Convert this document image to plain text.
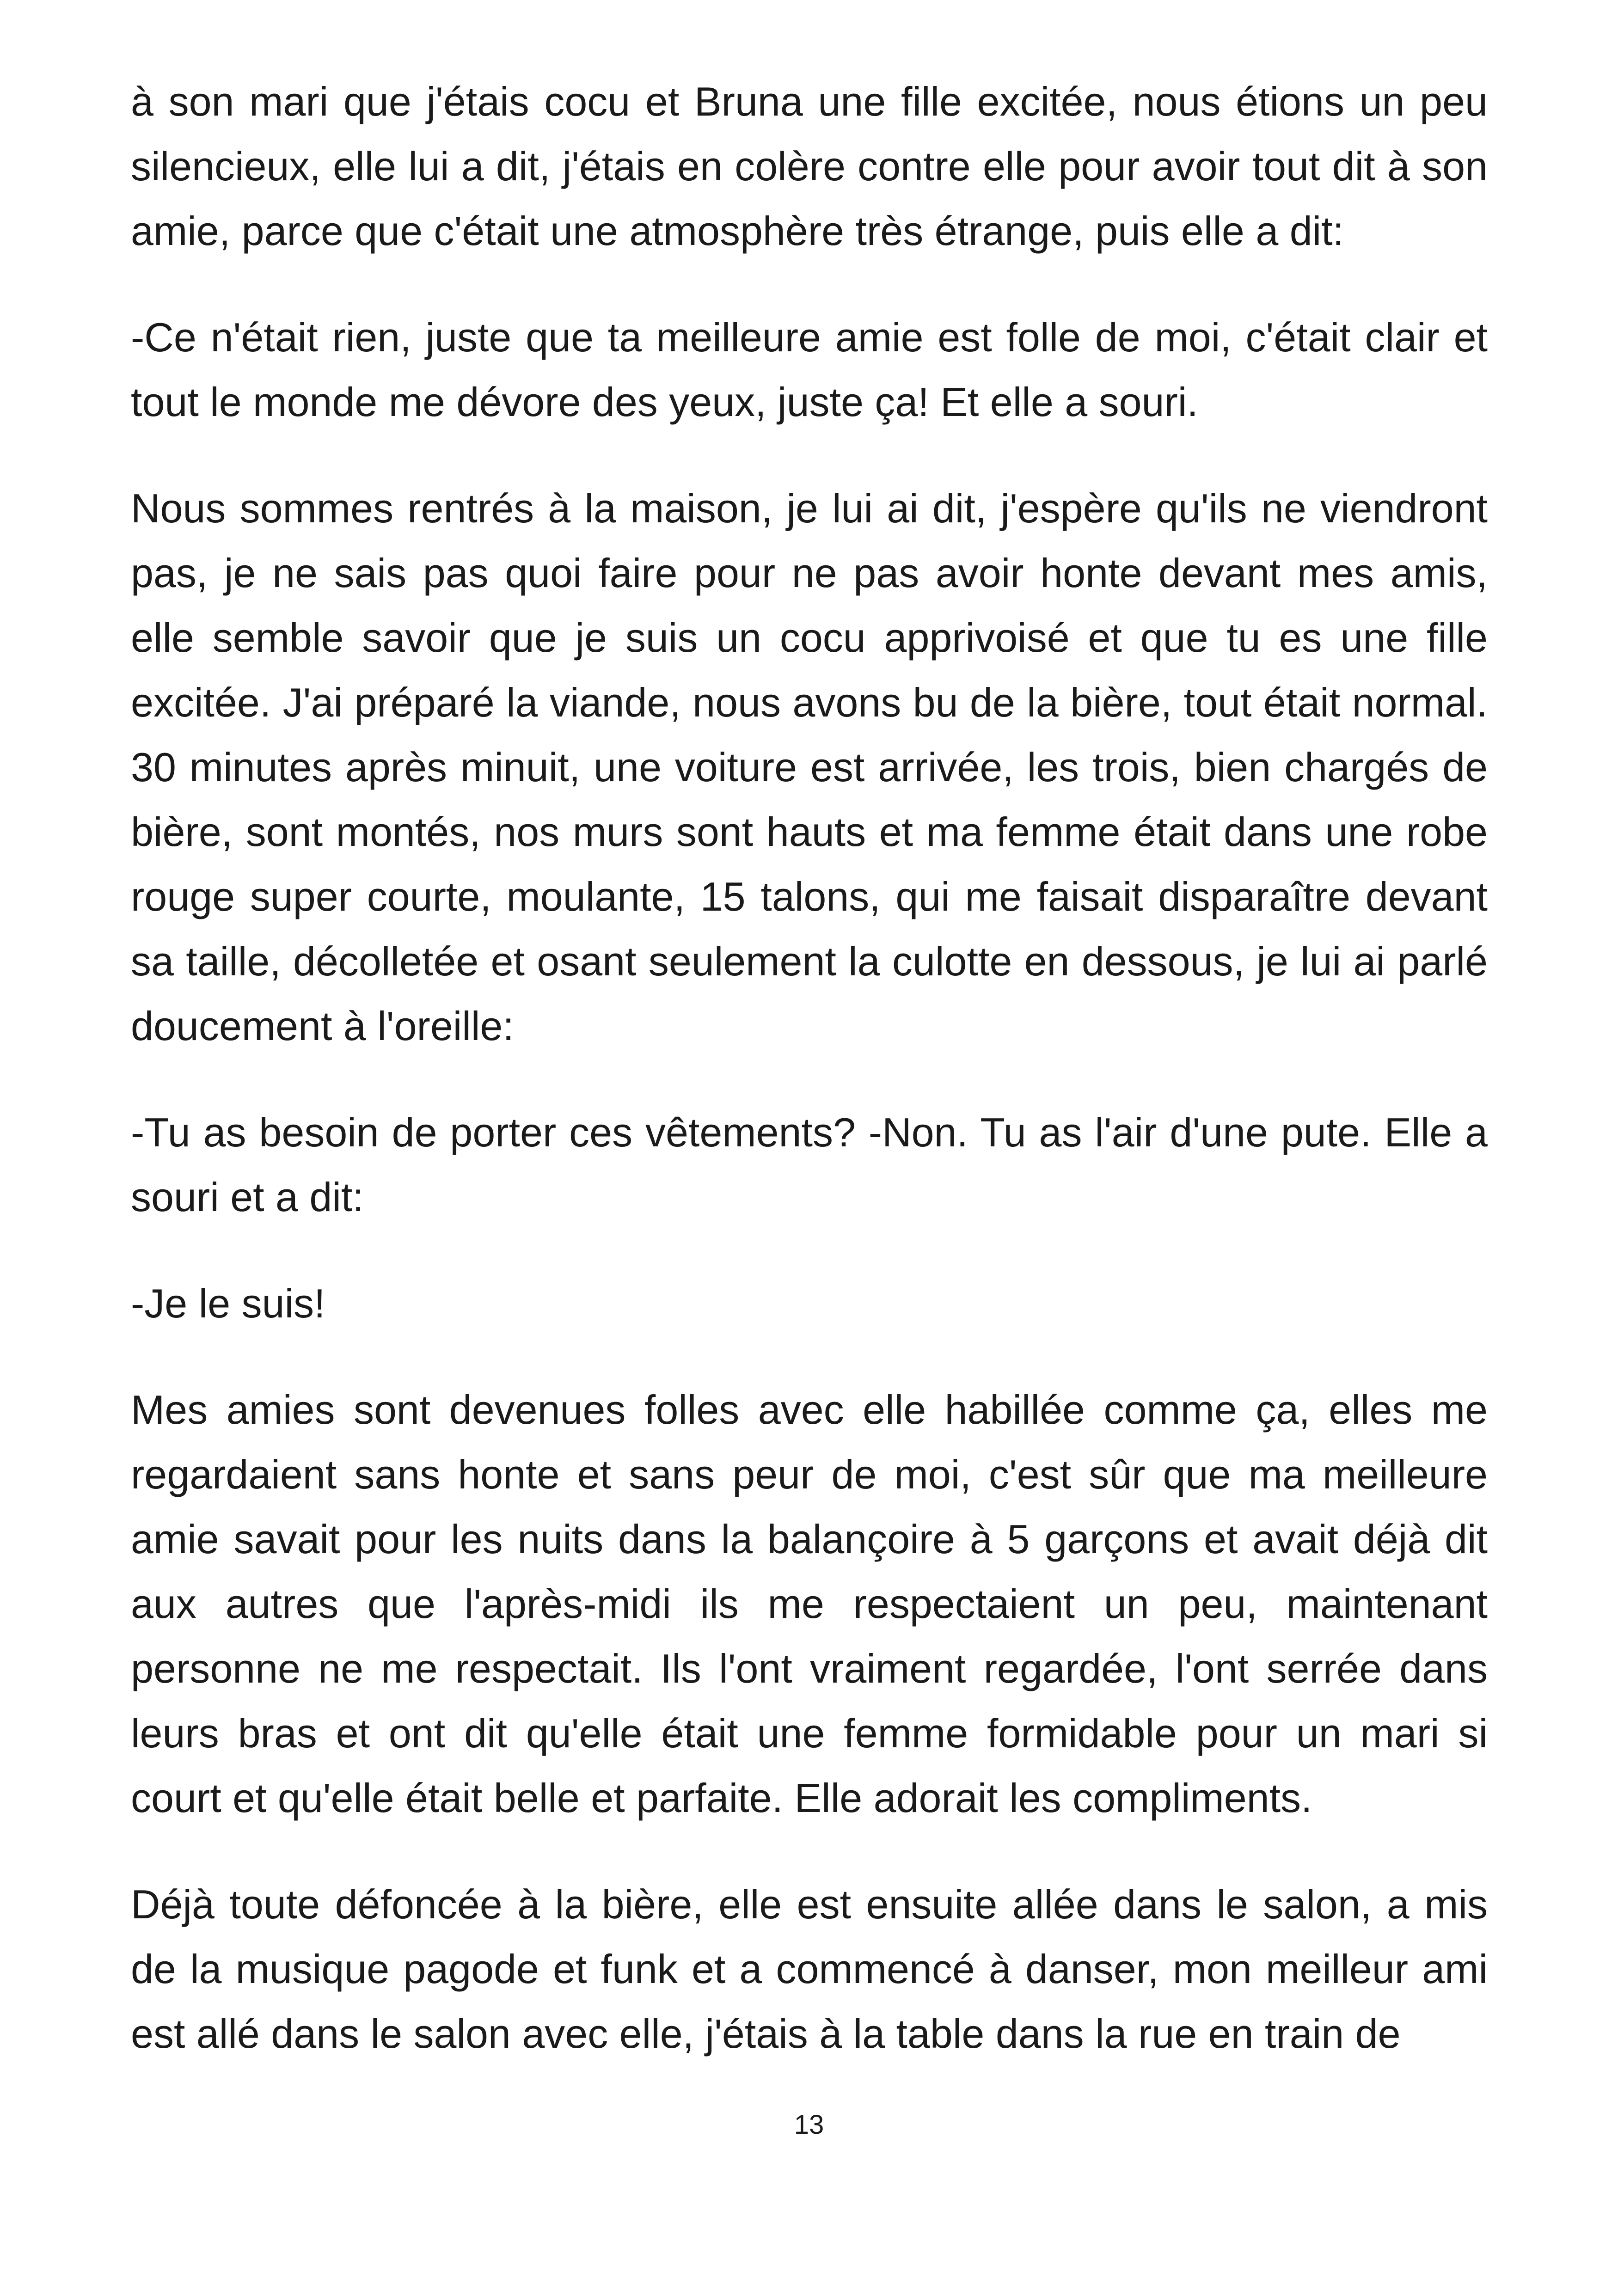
à son mari que j'étais cocu et Bruna une fille excitée, nous étions un peu silencieux, elle lui a dit, j'étais en colère contre elle pour avoir tout dit à son amie, parce que c'était une atmosphère très étrange, puis elle a dit:

-Ce n'était rien, juste que ta meilleure amie est folle de moi, c'était clair et tout le monde me dévore des yeux, juste ça! Et elle a souri.

Nous sommes rentrés à la maison, je lui ai dit, j'espère qu'ils ne viendront pas, je ne sais pas quoi faire pour ne pas avoir honte devant mes amis, elle semble savoir que je suis un cocu apprivoisé et que tu es une fille excitée. J'ai préparé la viande, nous avons bu de la bière, tout était normal. 30 minutes après minuit, une voiture est arrivée, les trois, bien chargés de bière, sont montés, nos murs sont hauts et ma femme était dans une robe rouge super courte, moulante, 15 talons, qui me faisait disparaître devant sa taille, décolletée et osant seulement la culotte en dessous, je lui ai parlé doucement à l'oreille:

-Tu as besoin de porter ces vêtements? -Non. Tu as l'air d'une pute. Elle a souri et a dit:

-Je le suis!

Mes amies sont devenues folles avec elle habillée comme ça, elles me regardaient sans honte et sans peur de moi, c'est sûr que ma meilleure amie savait pour les nuits dans la balançoire à 5 garçons et avait déjà dit aux autres que l'après-midi ils me respectaient un peu, maintenant personne ne me respectait. Ils l'ont vraiment regardée, l'ont serrée dans leurs bras et ont dit qu'elle était une femme formidable pour un mari si court et qu'elle était belle et parfaite. Elle adorait les compliments.

Déjà toute défoncée à la bière, elle est ensuite allée dans le salon, a mis de la musique pagode et funk et a commencé à danser, mon meilleur ami est allé dans le salon avec elle, j'étais à la table dans la rue en train de

13
